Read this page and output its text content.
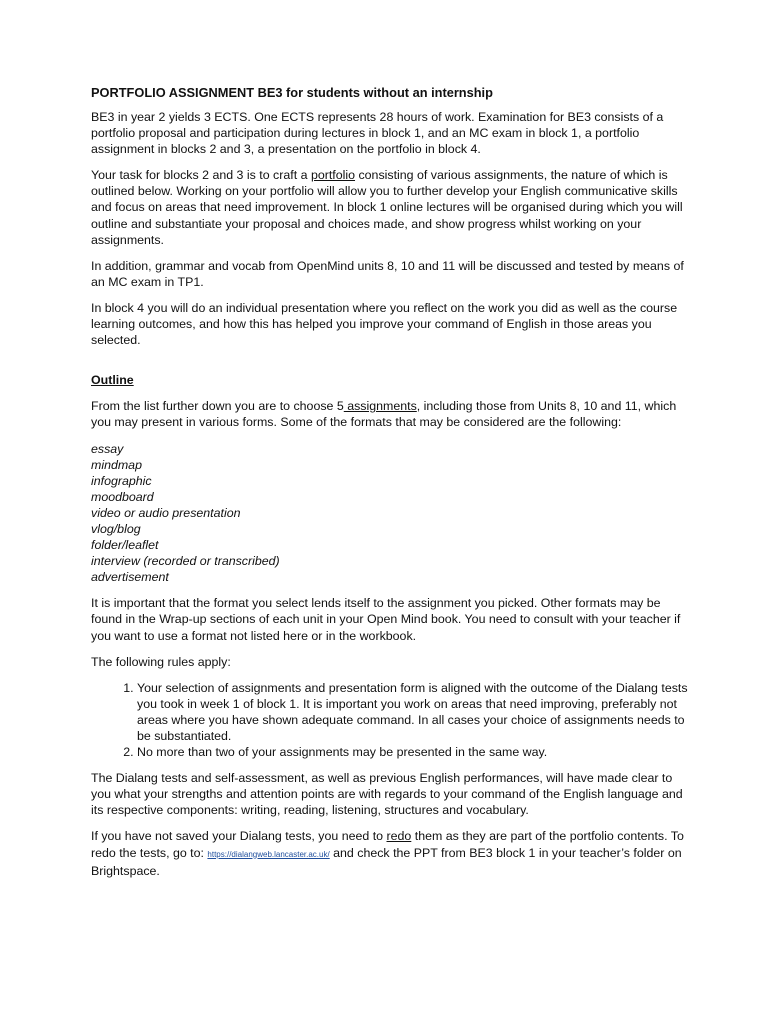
PORTFOLIO ASSIGNMENT BE3 for students without an internship

BE3 in year 2 yields 3 ECTS. One ECTS represents 28 hours of work. Examination for BE3 consists of a portfolio proposal and participation during lectures in block 1, and an MC exam in block 1, a portfolio assignment in blocks 2 and 3, a presentation on the portfolio in block 4.

Your task for blocks 2 and 3 is to craft a portfolio consisting of various assignments, the nature of which is outlined below. Working on your portfolio will allow you to further develop your English communicative skills and focus on areas that need improvement. In block 1 online lectures will be organised during which you will outline and substantiate your proposal and choices made, and show progress whilst working on your assignments.

In addition, grammar and vocab from OpenMind units 8, 10 and 11 will be discussed and tested by means of an MC exam in TP1.

In block 4 you will do an individual presentation where you reflect on the work you did as well as the course learning outcomes, and how this has helped you improve your command of English in those areas you selected.

Outline

From the list further down you are to choose 5 assignments, including those from Units 8, 10 and 11, which you may present in various forms. Some of the formats that may be considered are the following:

essay
mindmap
infographic
moodboard
video or audio presentation
vlog/blog
folder/leaflet
interview (recorded or transcribed)
advertisement

It is important that the format you select lends itself to the assignment you picked. Other formats may be found in the Wrap-up sections of each unit in your Open Mind book. You need to consult with your teacher if you want to use a format not listed here or in the workbook.

The following rules apply:

1. Your selection of assignments and presentation form is aligned with the outcome of the Dialang tests you took in week 1 of block 1. It is important you work on areas that need improving, preferably not areas where you have shown adequate command. In all cases your choice of assignments needs to be substantiated.
2. No more than two of your assignments may be presented in the same way.

The Dialang tests and self-assessment, as well as previous English performances, will have made clear to you what your strengths and attention points are with regards to your command of the English language and its respective components: writing, reading, listening, structures and vocabulary.

If you have not saved your Dialang tests, you need to redo them as they are part of the portfolio contents. To redo the tests, go to: https://dialangweb.lancaster.ac.uk/ and check the PPT from BE3 block 1 in your teacher’s folder on Brightspace.
